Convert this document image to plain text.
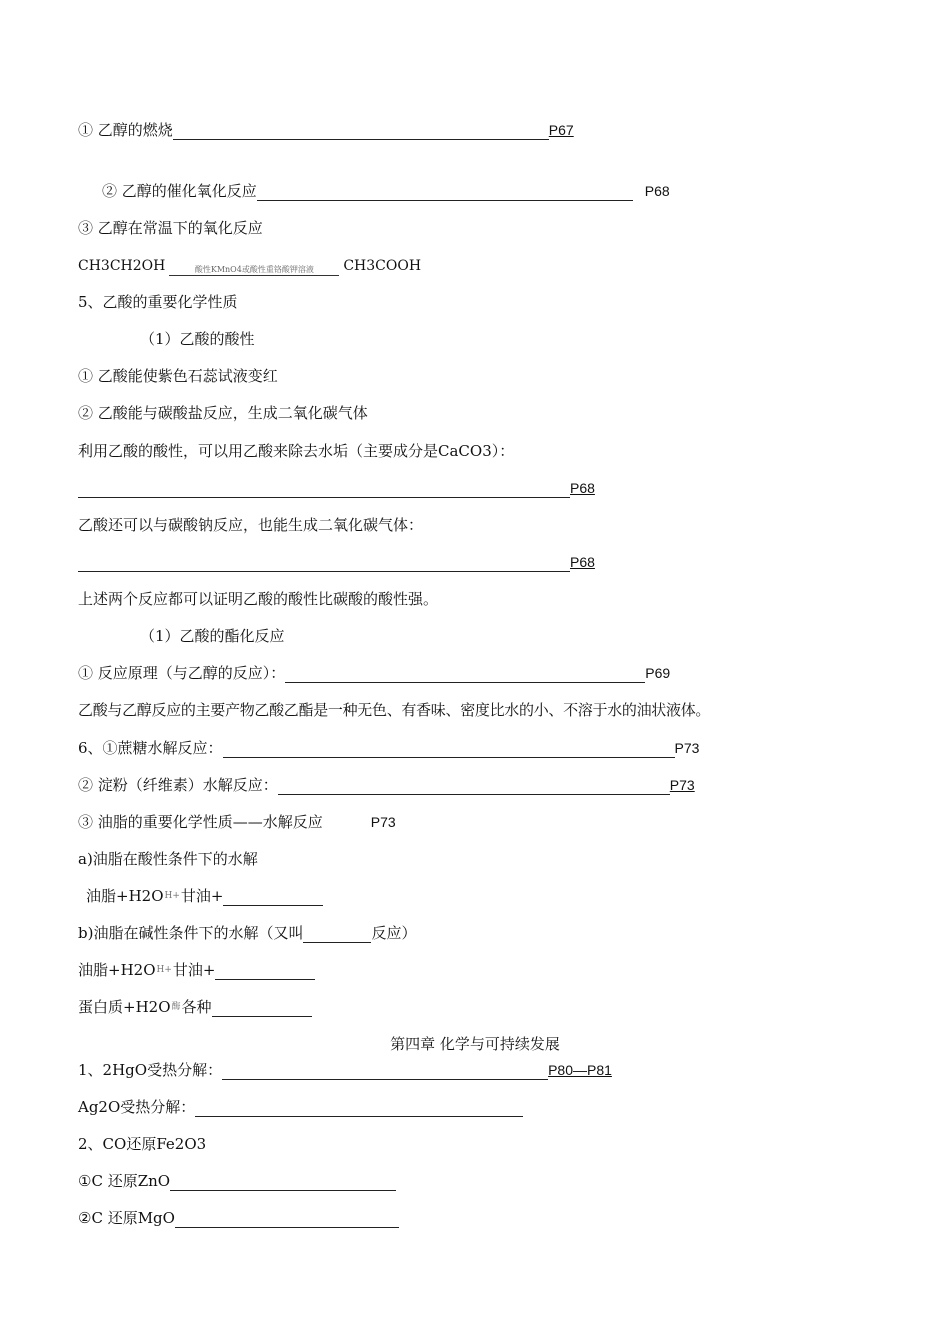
① 乙醇的燃烧	P67
② 乙醇的催化氧化反应	P68
③ 乙醇在常温下的氧化反应
CH3CH2OH	酸性KMnO4或酸性重铬酸钾溶液 CH3COOH
5、乙酸的重要化学性质
（1）乙酸的酸性
① 乙酸能使紫色石蕊试液变红
② 乙酸能与碳酸盐反应，生成二氧化碳气体
利用乙酸的酸性，可以用乙酸来除去水垢（主要成分是CaCO3）：
P68
乙酸还可以与碳酸钠反应，也能生成二氧化碳气体：
P68
上述两个反应都可以证明乙酸的酸性比碳酸的酸性强。
（1）乙酸的酯化反应
① 反应原理（与乙醇的反应）：	P69
乙酸与乙醇反应的主要产物乙酸乙酯是一种无色、有香味、密度比水的小、不溶于水的油状液体。
6、①蔗糖水解反应：	P73
② 淀粉（纤维素）水解反应：	P73
③ 油脂的重要化学性质——水解反应	P73
a)油脂在酸性条件下的水解
油脂+H2O H+ 甘油+
b)油脂在碱性条件下的水解（又叫	反应）
油脂+H2O H+ 甘油+
蛋白质+H2O 酶 各种
第四章 化学与可持续发展
1、2HgO受热分解：	P80—P81
Ag2O受热分解：
2、CO还原Fe2O3
①C 还原ZnO
②C 还原MgO
